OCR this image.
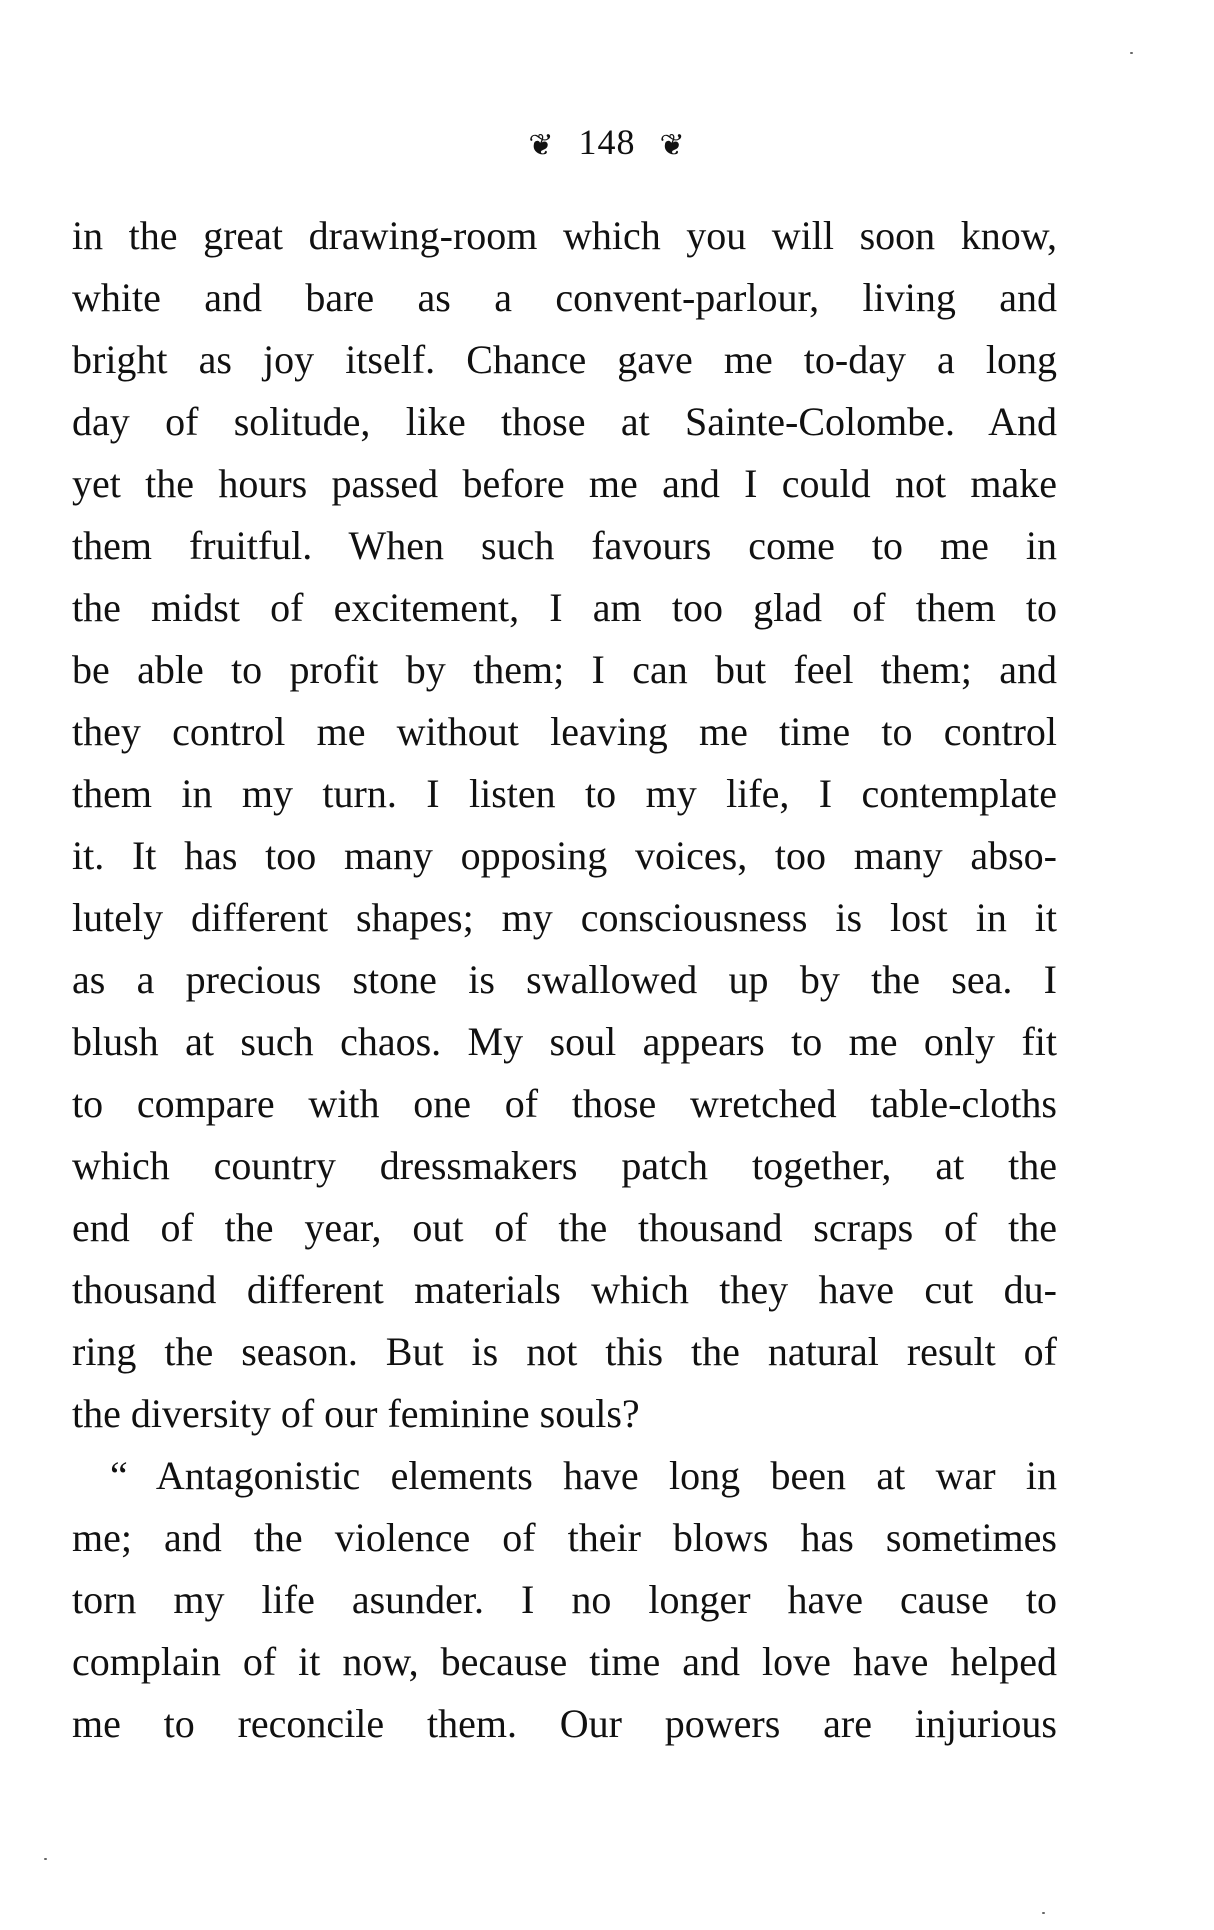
❦ 148 ❦
in the great drawing-room which you will soon know,
white and bare as a convent-parlour, living and
bright as joy itself. Chance gave me to-day a long
day of solitude, like those at Sainte-Colombe. And
yet the hours passed before me and I could not make
them fruitful. When such favours come to me in
the midst of excitement, I am too glad of them to
be able to profit by them; I can but feel them; and
they control me without leaving me time to control
them in my turn. I listen to my life, I contemplate
it. It has too many opposing voices, too many abso-
lutely different shapes; my consciousness is lost in it
as a precious stone is swallowed up by the sea. I
blush at such chaos. My soul appears to me only fit
to compare with one of those wretched table-cloths
which country dressmakers patch together, at the
end of the year, out of the thousand scraps of the
thousand different materials which they have cut du-
ring the season. But is not this the natural result of
the diversity of our feminine souls?
“ Antagonistic elements have long been at war in
me; and the violence of their blows has sometimes
torn my life asunder. I no longer have cause to
complain of it now, because time and love have helped
me to reconcile them. Our powers are injurious
